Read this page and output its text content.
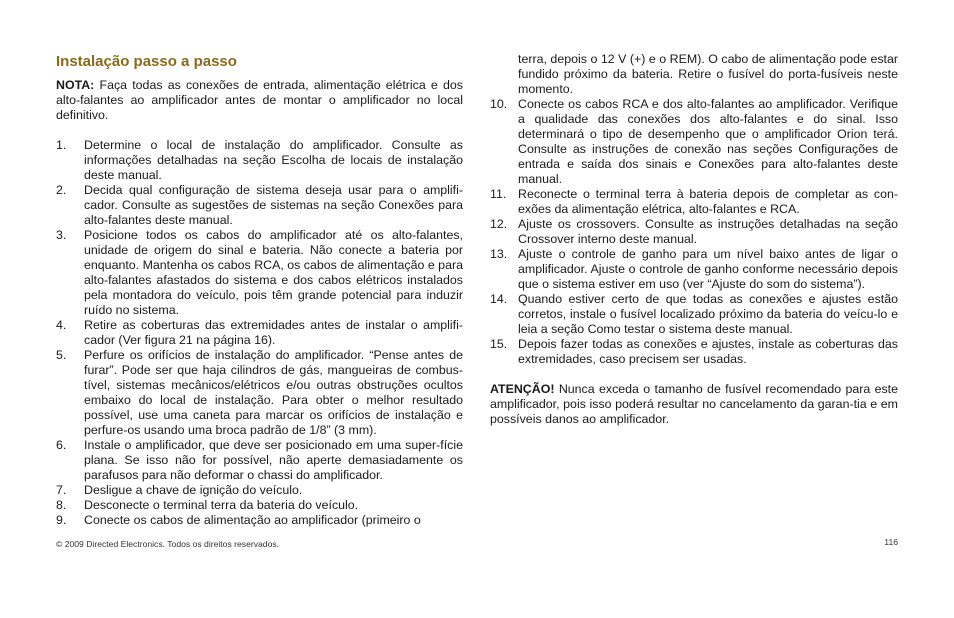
Instalação passo a passo

NOTA: Faça todas as conexões de entrada, alimentação elétrica e dos alto-falantes ao amplificador antes de montar o amplificador no local definitivo.

1.	Determine o local de instalação do amplificador. Consulte as informações detalhadas na seção Escolha de locais de instalação deste manual.
2.	Decida qual configuração de sistema deseja usar para o amplifi-cador. Consulte as sugestões de sistemas na seção Conexões para alto-falantes deste manual.
3.	Posicione todos os cabos do amplificador até os alto-falantes, unidade de origem do sinal e bateria. Não conecte a bateria por enquanto. Mantenha os cabos RCA, os cabos de alimentação e para alto-falantes afastados do sistema e dos cabos elétricos instalados pela montadora do veículo, pois têm grande potencial para induzir ruído no sistema.
4.	Retire as coberturas das extremidades antes de instalar o amplifi-cador (Ver figura 21 na página 16).
5.	Perfure os orifícios de instalação do amplificador. “Pense antes de furar”. Pode ser que haja cilindros de gás, mangueiras de combus-tível, sistemas mecânicos/elétricos e/ou outras obstruções ocultos embaixo do local de instalação. Para obter o melhor resultado possível, use uma caneta para marcar os orifícios de instalação e perfure-os usando uma broca padrão de 1/8” (3 mm).
6.	Instale o amplificador, que deve ser posicionado em uma super-fície plana. Se isso não for possível, não aperte demasiadamente os parafusos para não deformar o chassi do amplificador.
7.	Desligue a chave de ignição do veículo.
8.	Desconecte o terminal terra da bateria do veículo.
9.	Conecte os cabos de alimentação ao amplificador (primeiro o

terra, depois o 12 V (+) e o REM). O cabo de alimentação pode estar fundido próximo da bateria. Retire o fusível do porta-fusíveis neste momento.

10. Conecte os cabos RCA e dos alto-falantes ao amplificador. Verifique a qualidade das conexões dos alto-falantes e do sinal. Isso determinará o tipo de desempenho que o amplificador Orion terá. Consulte as instruções de conexão nas seções Configurações de entrada e saída dos sinais e Conexões para alto-falantes deste manual.
11. Reconecte o terminal terra à bateria depois de completar as con-exões da alimentação elétrica, alto-falantes e RCA.
12. Ajuste os crossovers. Consulte as instruções detalhadas na seção Crossover interno deste manual.
13. Ajuste o controle de ganho para um nível baixo antes de ligar o amplificador. Ajuste o controle de ganho conforme necessário depois que o sistema estiver em uso (ver “Ajuste do som do sistema”).
14. Quando estiver certo de que todas as conexões e ajustes estão corretos, instale o fusível localizado próximo da bateria do veícu-lo e leia a seção Como testar o sistema deste manual.
15. Depois fazer todas as conexões e ajustes, instale as coberturas das extremidades, caso precisem ser usadas.

ATENÇÃO! Nunca exceda o tamanho de fusível recomendado para este amplificador, pois isso poderá resultar no cancelamento da garan-tia e em possíveis danos ao amplificador.

© 2009 Directed Electronics. Todos os direitos reservados.	116
